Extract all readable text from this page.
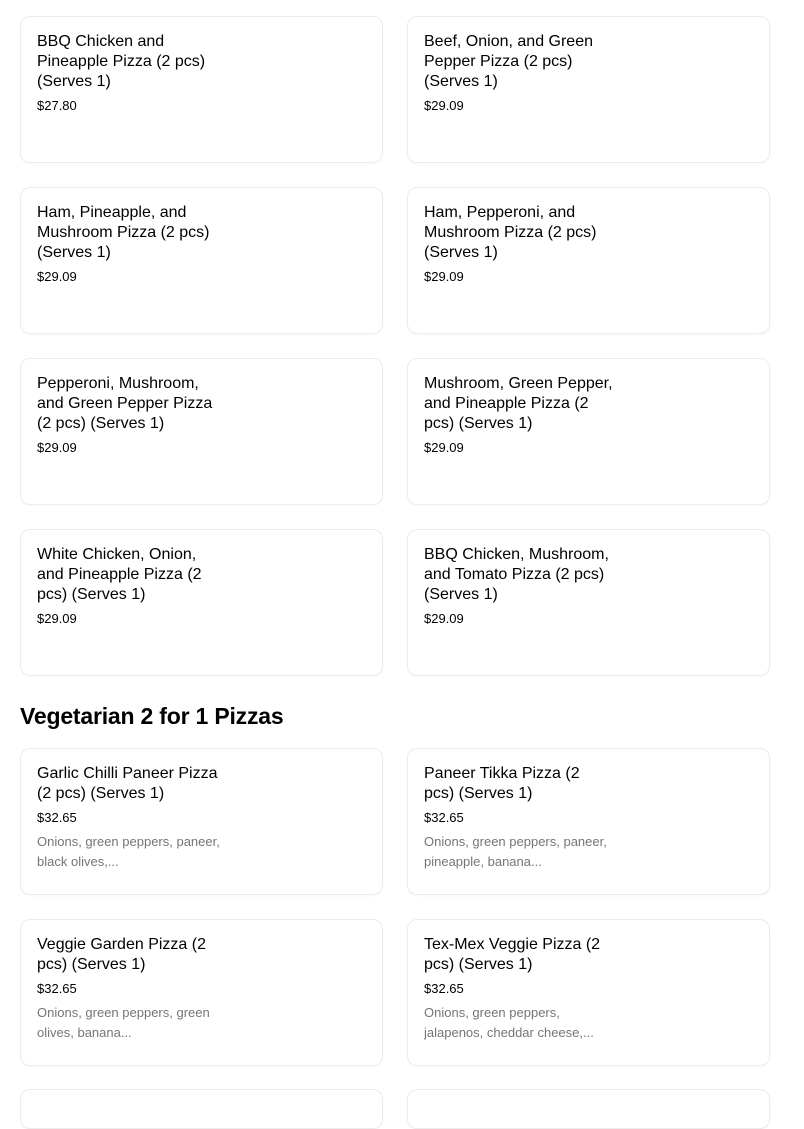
BBQ Chicken and Pineapple Pizza (2 pcs) (Serves 1)
$27.80
Beef, Onion, and Green Pepper Pizza (2 pcs) (Serves 1)
$29.09
Ham, Pineapple, and Mushroom Pizza (2 pcs) (Serves 1)
$29.09
Ham, Pepperoni, and Mushroom Pizza (2 pcs) (Serves 1)
$29.09
Pepperoni, Mushroom, and Green Pepper Pizza (2 pcs) (Serves 1)
$29.09
Mushroom, Green Pepper, and Pineapple Pizza (2 pcs) (Serves 1)
$29.09
White Chicken, Onion, and Pineapple Pizza (2 pcs) (Serves 1)
$29.09
BBQ Chicken, Mushroom, and Tomato Pizza (2 pcs) (Serves 1)
$29.09
Vegetarian 2 for 1 Pizzas
Garlic Chilli Paneer Pizza (2 pcs) (Serves 1)
$32.65
Onions, green peppers, paneer, black olives,...
Paneer Tikka Pizza (2 pcs) (Serves 1)
$32.65
Onions, green peppers, paneer, pineapple, banana...
Veggie Garden Pizza (2 pcs) (Serves 1)
$32.65
Onions, green peppers, green olives, banana...
Tex-Mex Veggie Pizza (2 pcs) (Serves 1)
$32.65
Onions, green peppers, jalapenos, cheddar cheese,...
